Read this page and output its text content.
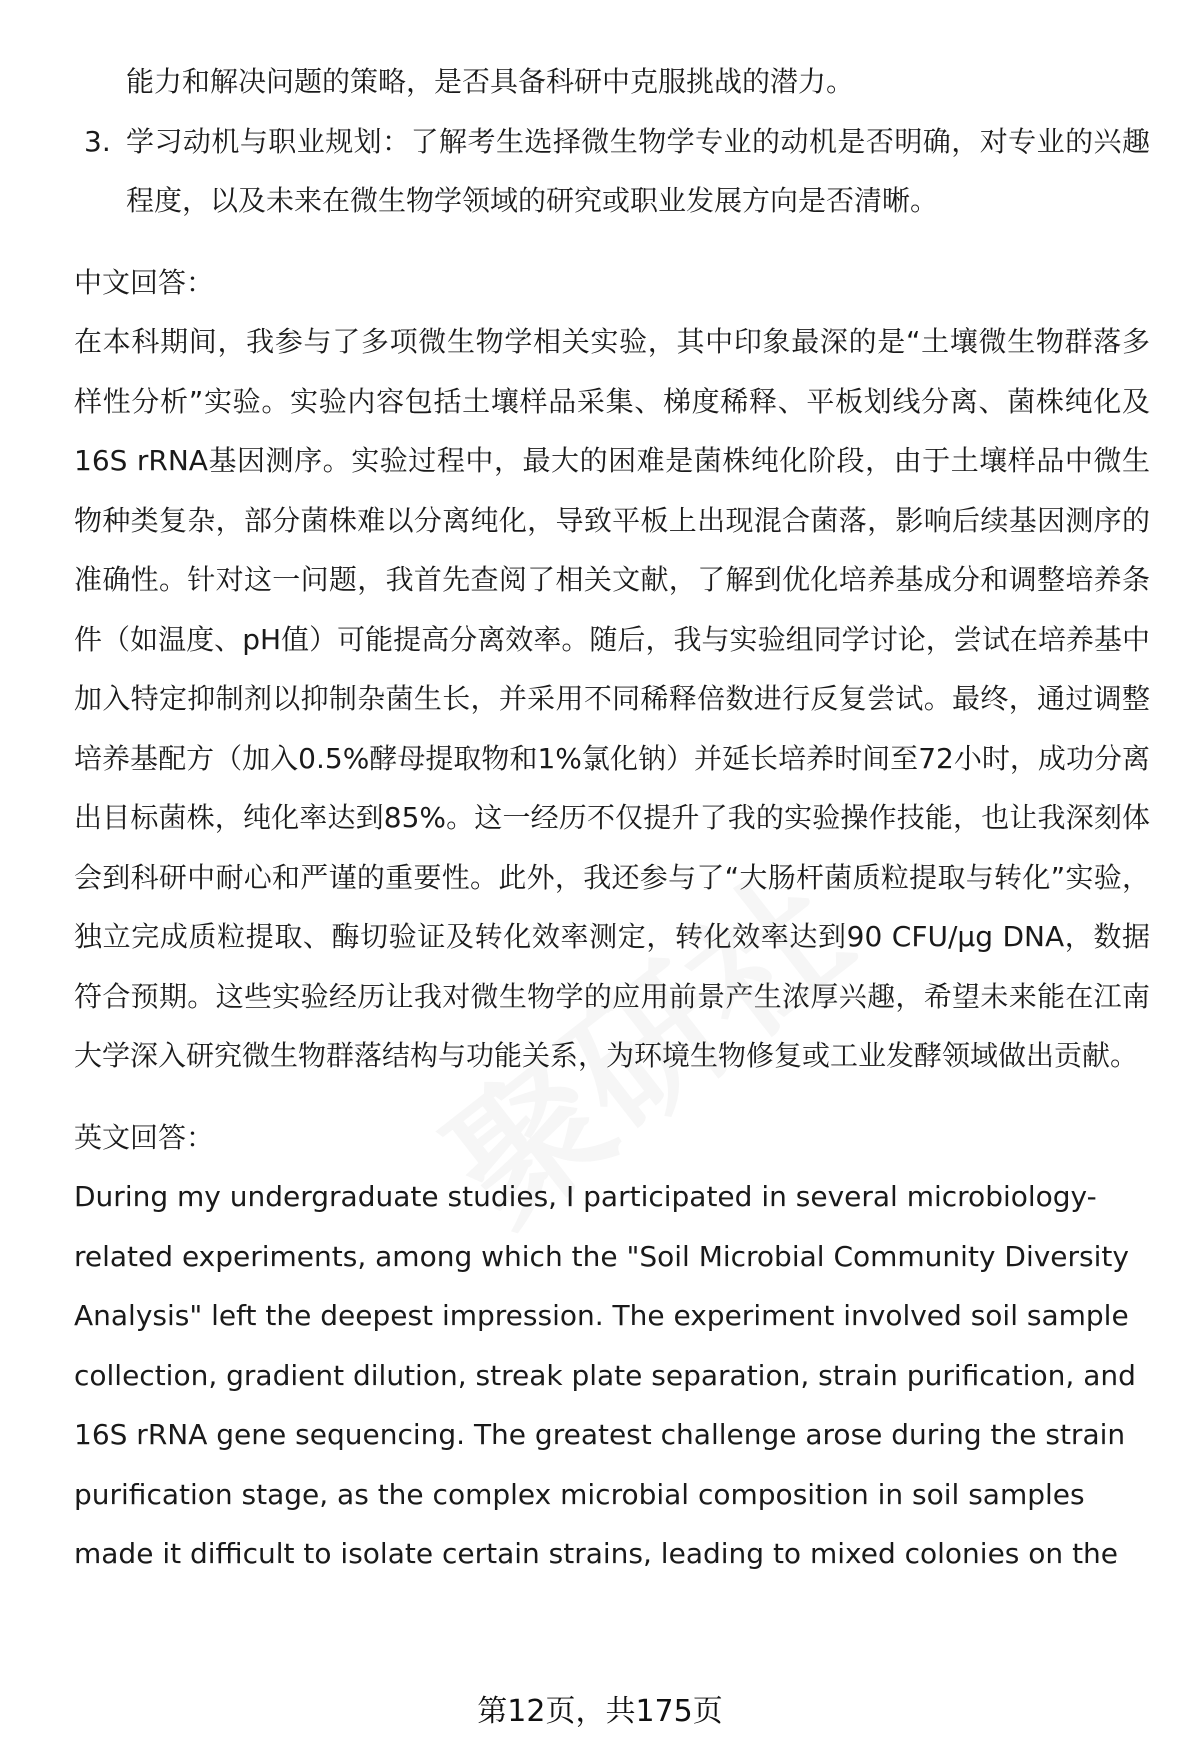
能力和解决问题的策略，是否具备科研中克服挑战的潜力。

3. 学习动机与职业规划：了解考生选择微生物学专业的动机是否明确，对专业的兴趣程度，以及未来在微生物学领域的研究或职业发展方向是否清晰。

中文回答：

在本科期间，我参与了多项微生物学相关实验，其中印象最深的是“土壤微生物群落多样性分析”实验。实验内容包括土壤样品采集、梯度稀释、平板划线分离、菌株纯化及16S rRNA基因测序。实验过程中，最大的困难是菌株纯化阶段，由于土壤样品中微生物种类复杂，部分菌株难以分离纯化，导致平板上出现混合菌落，影响后续基因测序的准确性。针对这一问题，我首先查阅了相关文献，了解到优化培养基成分和调整培养条件（如温度、pH值）可能提高分离效率。随后，我与实验组同学讨论，尝试在培养基中加入特定抑制剂以抑制杂菌生长，并采用不同稀释倍数进行反复尝试。最终，通过调整培养基配方（加入0.5%酵母提取物和1%氯化钠）并延长培养时间至72小时，成功分离出目标菌株，纯化率达到85%。这一经历不仅提升了我的实验操作技能，也让我深刻体会到科研中耐心和严谨的重要性。此外，我还参与了“大肠杆菌质粒提取与转化”实验，独立完成质粒提取、酶切验证及转化效率测定，转化效率达到90 CFU/μg DNA，数据符合预期。这些实验经历让我对微生物学的应用前景产生浓厚兴趣，希望未来能在江南大学深入研究微生物群落结构与功能关系，为环境生物修复或工业发酵领域做出贡献。

英文回答：

During my undergraduate studies, I participated in several microbiology-related experiments, among which the "Soil Microbial Community Diversity Analysis" left the deepest impression. The experiment involved soil sample collection, gradient dilution, streak plate separation, strain purification, and 16S rRNA gene sequencing. The greatest challenge arose during the strain purification stage, as the complex microbial composition in soil samples made it difficult to isolate certain strains, leading to mixed colonies on the

第12页，共175页
